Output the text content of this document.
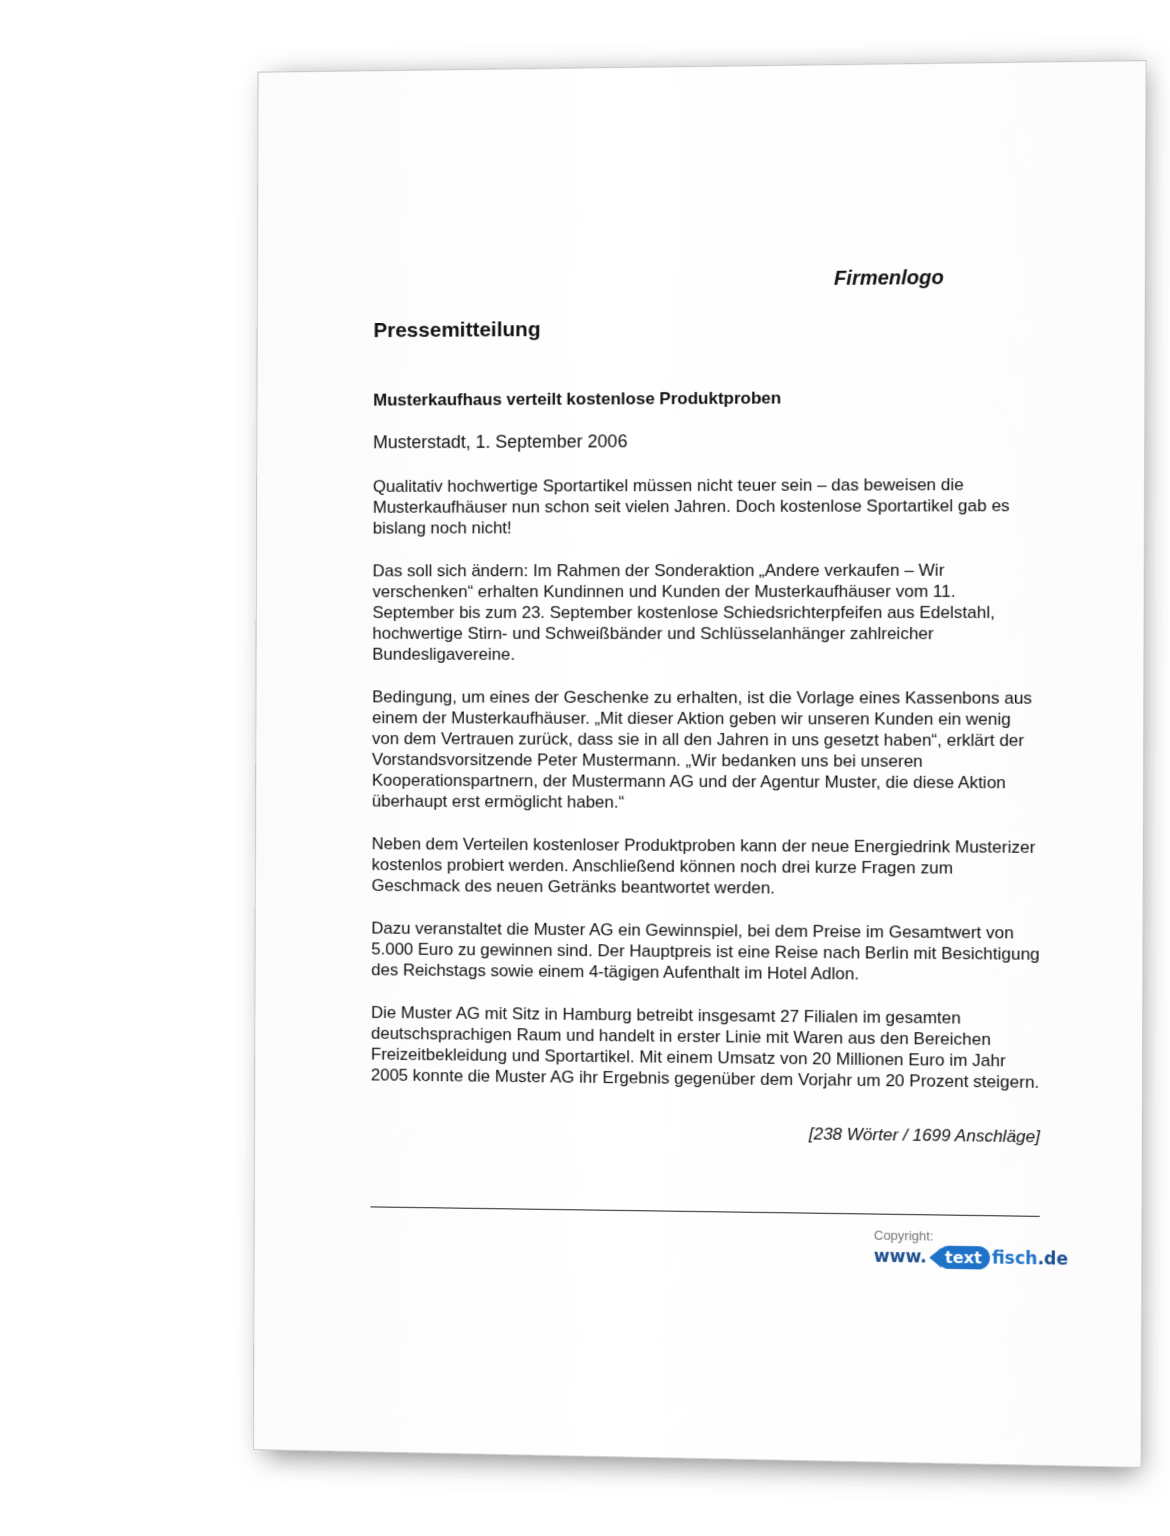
Firmenlogo

Pressemitteilung
Musterkaufhaus verteilt kostenlose Produktproben

Musterstadt, 1. September 2006

Qualitativ hochwertige Sportartikel müssen nicht teuer sein – das beweisen die Musterkaufhäuser nun schon seit vielen Jahren. Doch kostenlose Sportartikel gab es bislang noch nicht!

Das soll sich ändern: Im Rahmen der Sonderaktion „Andere verkaufen – Wir verschenken“ erhalten Kundinnen und Kunden der Musterkaufhäuser vom 11. September bis zum 23. September kostenlose Schiedsrichterpfeifen aus Edelstahl, hochwertige Stirn- und Schweißbänder und Schlüsselanhänger zahlreicher Bundesligavereine.

Bedingung, um eines der Geschenke zu erhalten, ist die Vorlage eines Kassenbons aus einem der Musterkaufhäuser. „Mit dieser Aktion geben wir unseren Kunden ein wenig von dem Vertrauen zurück, dass sie in all den Jahren in uns gesetzt haben“, erklärt der Vorstandsvorsitzende Peter Mustermann. „Wir bedanken uns bei unseren Kooperationspartnern, der Mustermann AG und der Agentur Muster, die diese Aktion überhaupt erst ermöglicht haben.“

Neben dem Verteilen kostenloser Produktproben kann der neue Energiedrink Musterizer kostenlos probiert werden. Anschließend können noch drei kurze Fragen zum Geschmack des neuen Getränks beantwortet werden.

Dazu veranstaltet die Muster AG ein Gewinnspiel, bei dem Preise im Gesamtwert von 5.000 Euro zu gewinnen sind. Der Hauptpreis ist eine Reise nach Berlin mit Besichtigung des Reichstags sowie einem 4-tägigen Aufenthalt im Hotel Adlon.

Die Muster AG mit Sitz in Hamburg betreibt insgesamt 27 Filialen im gesamten deutschsprachigen Raum und handelt in erster Linie mit Waren aus den Bereichen Freizeitbekleidung und Sportartikel. Mit einem Umsatz von 20 Millionen Euro im Jahr 2005 konnte die Muster AG ihr Ergebnis gegenüber dem Vorjahr um 20 Prozent steigern.

[238 Wörter / 1699 Anschläge]

Copyright:

www.	text fisch .de
